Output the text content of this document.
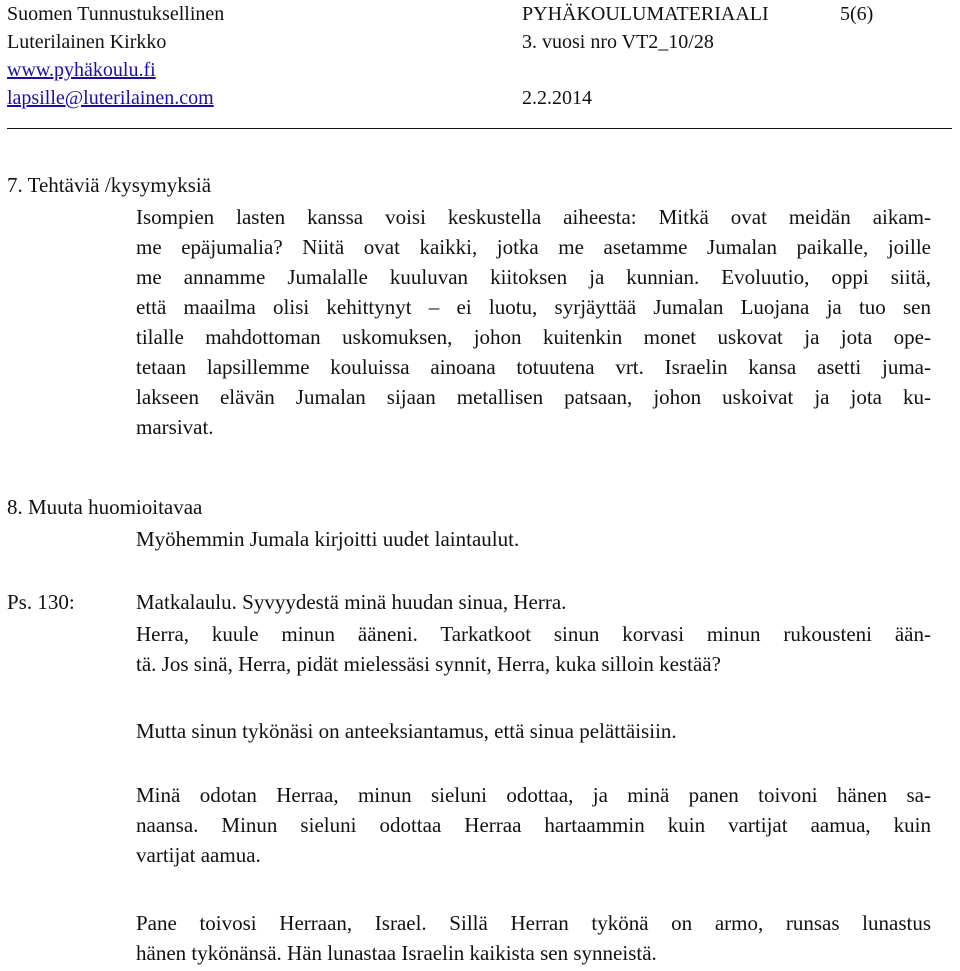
Suomen Tunnustuksellinen	PYHÄKOULUMATERIAALI	5(6)
Luterilainen Kirkko	3. vuosi nro VT2_10/28
www.pyhäkoulu.fi
lapsille@luterilainen.com	2.2.2014
7. Tehtäviä /kysymyksiä
Isompien lasten kanssa voisi keskustella aiheesta: Mitkä ovat meidän aikam-
me epäjumalia? Niitä ovat kaikki, jotka me asetamme Jumalan paikalle, joille
me annamme Jumalalle kuuluvan kiitoksen ja kunnian. Evoluutio, oppi siitä,
että maailma olisi kehittynyt – ei luotu, syrjäyttää Jumalan Luojana ja tuo sen
tilalle mahdottoman uskomuksen, johon kuitenkin monet uskovat ja jota ope-
tetaan lapsillemme kouluissa ainoana totuutena vrt. Israelin kansa asetti juma-
lakseen elävän Jumalan sijaan metallisen patsaan, johon uskoivat ja jota ku-
marsivat.
8. Muuta huomioitavaa
Myöhemmin Jumala kirjoitti uudet laintaulut.
Ps. 130:	Matkalaulu. Syvyydestä minä huudan sinua, Herra.
Herra, kuule minun ääneni. Tarkatkoot sinun korvasi minun rukousteni ään-
tä. Jos sinä, Herra, pidät mielessäsi synnit, Herra, kuka silloin kestää?
Mutta sinun tykönäsi on anteeksiantamus, että sinua pelättäisiin.
Minä odotan Herraa, minun sieluni odottaa, ja minä panen toivoni hänen sa-
naansa. Minun sieluni odottaa Herraa hartaammin kuin vartijat aamua, kuin
vartijat aamua.
Pane toivosi Herraan, Israel. Sillä Herran tykönä on armo, runsas lunastus
hänen tykönänsä. Hän lunastaa Israelin kaikista sen synneistä.
